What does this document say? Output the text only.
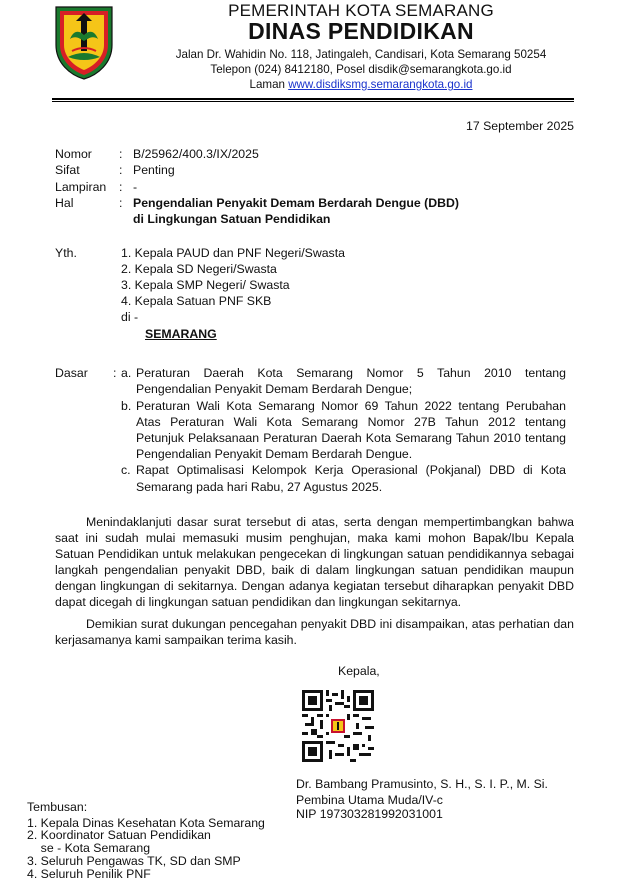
PEMERINTAH KOTA SEMARANG
DINAS PENDIDIKAN
Jalan Dr. Wahidin No. 118, Jatingaleh, Candisari, Kota Semarang 50254
Telepon (024) 8412180, Posel disdik@semarangkota.go.id
Laman www.disdiksmg.semarangkota.go.id
17 September 2025
Nomor : B/25962/400.3/IX/2025
Sifat	: Penting
Lampiran : -
Hal	: Pengendalian Penyakit Demam Berdarah Dengue (DBD)
di Lingkungan Satuan Pendidikan
Yth.	1. Kepala PAUD dan PNF Negeri/Swasta
2. Kepala SD Negeri/Swasta
3. Kepala SMP Negeri/ Swasta
4. Kepala Satuan PNF SKB
di -
SEMARANG
Dasar : a. Peraturan Daerah Kota Semarang Nomor 5 Tahun 2010 tentang
Pengendalian Penyakit Demam Berdarah Dengue;
b. Peraturan Wali Kota Semarang Nomor 69 Tahun 2022 tentang Perubahan
Atas Peraturan Wali Kota Semarang Nomor 27B Tahun 2012 tentang
Petunjuk Pelaksanaan Peraturan Daerah Kota Semarang Tahun 2010 tentang
Pengendalian Penyakit Demam Berdarah Dengue.
c. Rapat Optimalisasi Kelompok Kerja Operasional (Pokjanal) DBD di Kota
Semarang pada hari Rabu, 27 Agustus 2025.
Menindaklanjuti dasar surat tersebut di atas, serta dengan mempertimbangkan bahwa
saat ini sudah mulai memasuki musim penghujan, maka kami mohon Bapak/Ibu Kepala
Satuan Pendidikan untuk melakukan pengecekan di lingkungan satuan pendidikannya sebagai
langkah pengendalian penyakit DBD, baik di dalam lingkungan satuan pendidikan maupun
dengan lingkungan di sekitarnya. Dengan adanya kegiatan tersebut diharapkan penyakit DBD
dapat dicegah di lingkungan satuan pendidikan dan lingkungan sekitarnya.
Demikian surat dukungan pencegahan penyakit DBD ini disampaikan, atas perhatian dan
kerjasamanya kami sampaikan terima kasih.
Kepala,
Dr. Bambang Pramusinto, S. H., S. I. P., M. Si.
Pembina Utama Muda/IV-c
NIP 197303281992031001
Tembusan:
1. Kepala Dinas Kesehatan Kota Semarang
2. Koordinator Satuan Pendidikan
se - Kota Semarang
3. Seluruh Pengawas TK, SD dan SMP
4. Seluruh Penilik PNF
